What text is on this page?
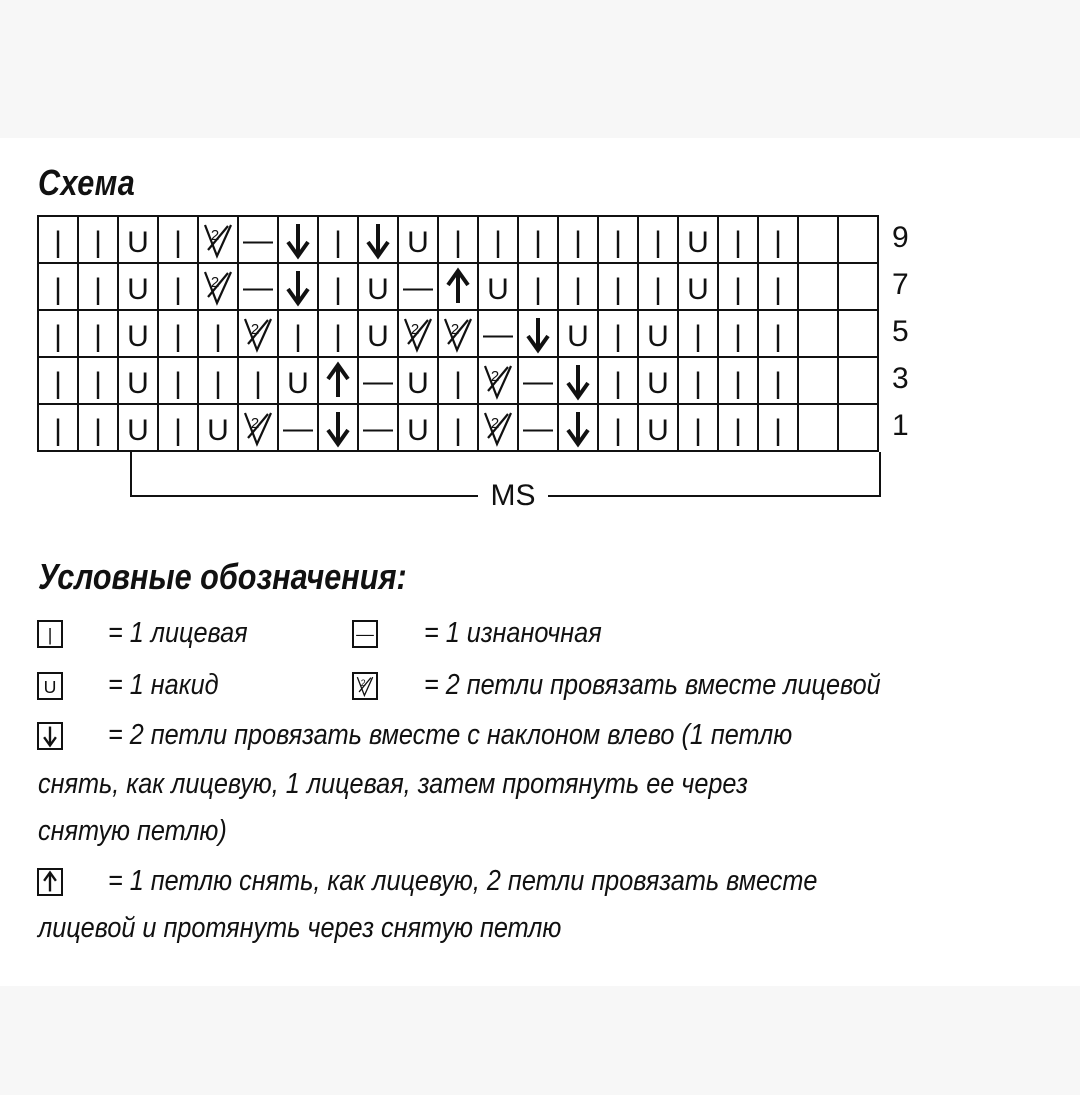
Схема
| | U | 2 — | U | | | | | | U | |
| | U | 2 — | U — U | | | | U | |
| | U | | 2 | | U 2 2 — U | U | | |
| | U | | | U — U | 2 — | U | | |
| | U | U 2 — — U | 2 — | U | | |
9
7
5
3
1
MS
Условные обозначения:
| = 1 лицевая	— = 1 изнаночная
U = 1 накид	2 = 2 петли провязать вместе лицевой
= 2 петли провязать вместе с наклоном влево (1 петлю
снять, как лицевую, 1 лицевая, затем протянуть ее через
снятую петлю)
= 1 петлю снять, как лицевую, 2 петли провязать вместе
лицевой и протянуть через снятую петлю
